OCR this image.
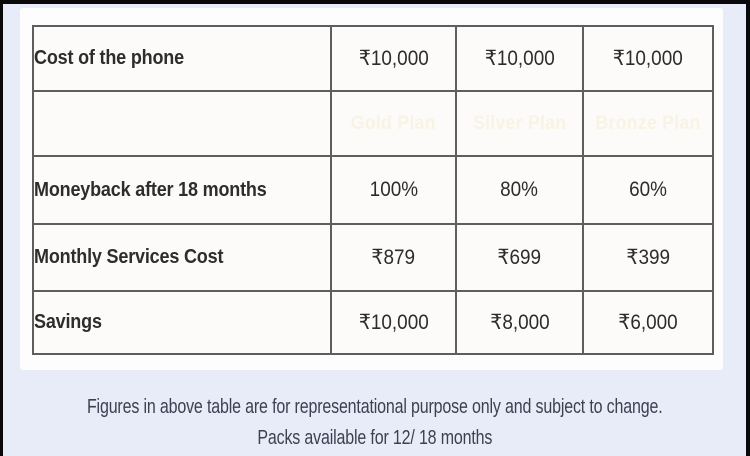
Cost of the phone	₹10,000	₹10,000	₹10,000
	Gold Plan	Silver Plan	Bronze Plan
Moneyback after 18 months	100%	80%	60%
Monthly Services Cost	₹879	₹699	₹399
Savings	₹10,000	₹8,000	₹6,000
Figures in above table are for representational purpose only and subject to change.
Packs available for 12/ 18 months
